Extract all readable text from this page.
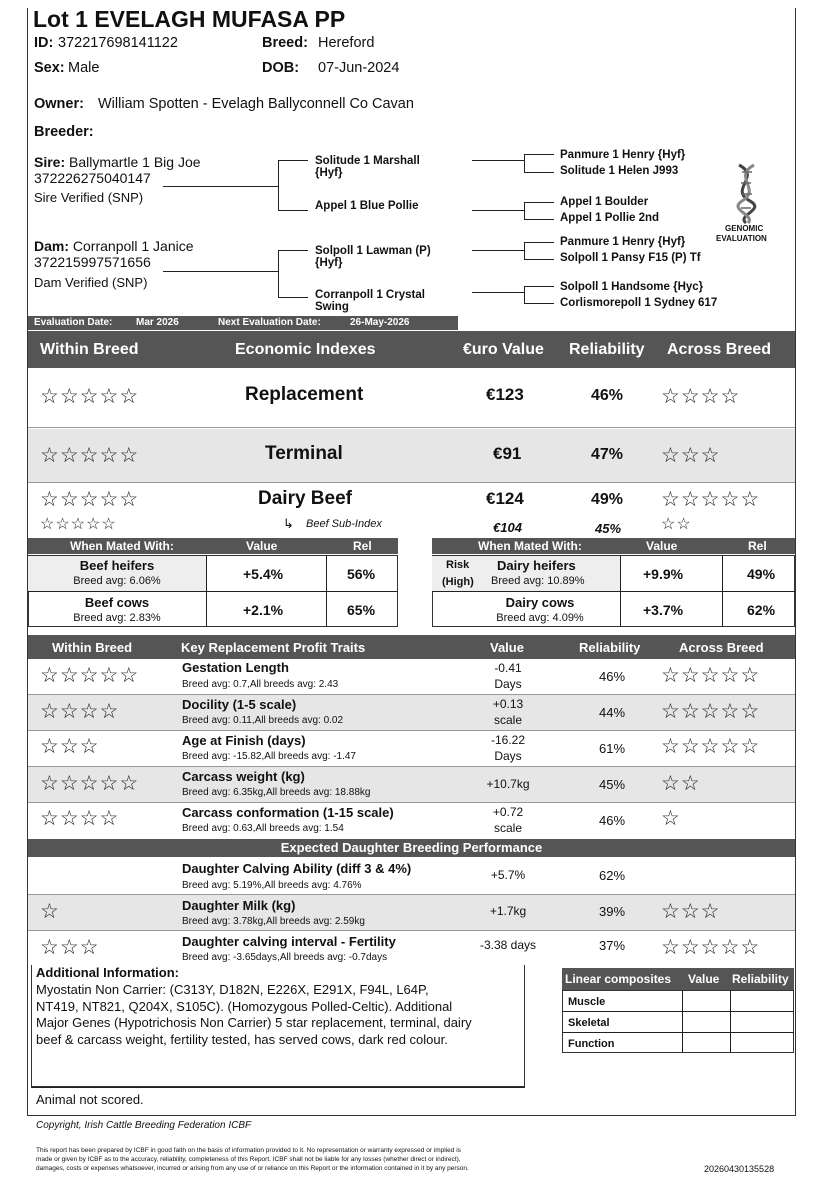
Lot 1 EVELAGH MUFASA PP
ID: 372217698141122	Breed: Hereford
Sex: Male	DOB: 07-Jun-2024
Owner: William Spotten - Evelagh Ballyconnell Co Cavan
Breeder:
Sire: Ballymartle 1 Big Joe
372226275040147
Sire Verified (SNP)
Dam: Corranpoll 1 Janice
372215997571656
Dam Verified (SNP)
Solitude 1 Marshall
{Hyf}
Appel 1 Blue Pollie
Solpoll 1 Lawman (P)
{Hyf}
Corranpoll 1 Crystal
Swing
Panmure 1 Henry {Hyf}
Solitude 1 Helen J993
Appel 1 Boulder
Appel 1 Pollie 2nd
Panmure 1 Henry {Hyf}
Solpoll 1 Pansy F15 (P) Tf
Solpoll 1 Handsome {Hyc}
Corlismorepoll 1 Sydney 617
GENOMIC
EVALUATION
Evaluation Date: Mar 2026	Next Evaluation Date:	26-May-2026
Within Breed	Economic Indexes	€uro Value Reliability Across Breed
☆☆☆☆☆	Replacement	€123	46% ☆☆☆☆
☆☆☆☆☆	Terminal	€91	47% ☆☆☆
☆☆☆☆☆	Dairy Beef	€124	49% ☆☆☆☆☆
☆☆☆☆☆	↳ Beef Sub-Index	€104	45% ☆☆
When Mated With:	Value	Rel
Beef heifers
Breed avg: 6.06%	+5.4%	56%
Beef cows
Breed avg: 2.83%	+2.1%	65%
When Mated With:	Value	Rel
Risk
(High)
Dairy heifers
Breed avg: 10.89%	+9.9%	49%
Dairy cows
Breed avg: 4.09%	+3.7%	62%
Within Breed	Key Replacement Profit Traits	Value	Reliability	Across Breed
☆☆☆☆☆	Gestation Length
Breed avg: 0.7,All breeds avg: 2.43
-0.41
Days	46% ☆☆☆☆☆
☆☆☆☆	Docility (1-5 scale)
Breed avg: 0.11,All breeds avg: 0.02
+0.13
scale	44% ☆☆☆☆☆
☆☆☆	Age at Finish (days)
Breed avg: -15.82,All breeds avg: -1.47
-16.22
Days	61% ☆☆☆☆☆
☆☆☆☆☆	Carcass weight (kg)
Breed avg: 6.35kg,All breeds avg: 18.88kg
+10.7kg	45% ☆☆
☆☆☆☆	Carcass conformation (1-15 scale)
Breed avg: 0.63,All breeds avg: 1.54
+0.72
scale	46% ☆
Expected Daughter Breeding Performance
Daughter Calving Ability (diff 3 & 4%)
Breed avg: 5.19%,All breeds avg: 4.76%
+5.7%	62%
☆	Daughter Milk (kg)
Breed avg: 3.78kg,All breeds avg: 2.59kg
+1.7kg	39% ☆☆☆
☆☆☆	Daughter calving interval - Fertility
Breed avg: -3.65days,All breeds avg: -0.7days
-3.38 days	37% ☆☆☆☆☆
Additional Information:
Myostatin Non Carrier: (C313Y, D182N, E226X, E291X, F94L, L64P,
NT419, NT821, Q204X, S105C). (Homozygous Polled-Celtic). Additional
Major Genes (Hypotrichosis Non Carrier) 5 star replacement, terminal, dairy
beef & carcass weight, fertility tested, has served cows, dark red colour.
Linear composites Value Reliability
Muscle
Skeletal
Function
Animal not scored.
Copyright, Irish Cattle Breeding Federation ICBF
This report has been prepared by ICBF in good faith on the basis of information provided to it. No representation or warranty expressed or implied is
made or given by ICBF as to the accuracy, reliability, completeness of this Report. ICBF shall not be liable for any losses (whether direct or indirect),
damages, costs or expenses whatsoever, incurred or arising from any use of or reliance on this Report or the information contained in it by any person.	20260430135528
